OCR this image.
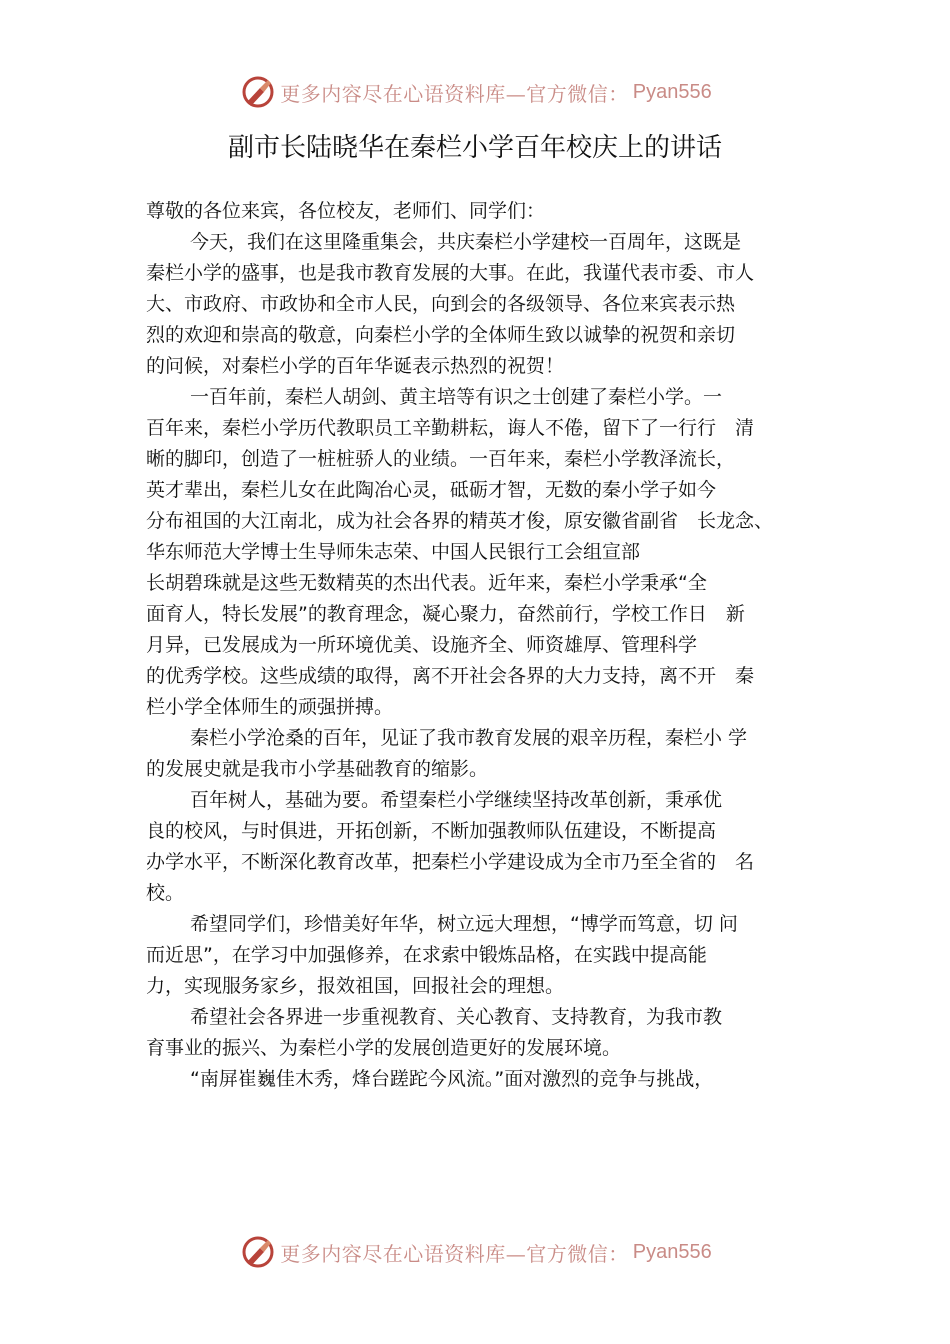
更多内容尽在心语资料库—官方微信： Pyan556
副市长陆晓华在秦栏小学百年校庆上的讲话
尊敬的各位来宾，各位校友，老师们、同学们：
今天，我们在这里隆重集会，共庆秦栏小学建校一百周年，这既是
秦栏小学的盛事，也是我市教育发展的大事。在此，我谨代表市委、市人
大、市政府、市政协和全市人民，向到会的各级领导、各位来宾表示热
烈的欢迎和崇高的敬意，向秦栏小学的全体师生致以诚挚的祝贺和亲切
的问候，对秦栏小学的百年华诞表示热烈的祝贺！
一百年前，秦栏人胡剑、黄主培等有识之士创建了秦栏小学。一
百年来，秦栏小学历代教职员工辛勤耕耘，诲人不倦，留下了一行行　清
晰的脚印，创造了一桩桩骄人的业绩。一百年来，秦栏小学教泽流长，
英才辈出，秦栏儿女在此陶冶心灵，砥砺才智，无数的秦小学子如今
分布祖国的大江南北，成为社会各界的精英才俊，原安徽省副省　长龙念、
华东师范大学博士生导师朱志荣、中国人民银行工会组宣部
长胡碧珠就是这些无数精英的杰出代表。近年来，秦栏小学秉承“全
面育人，特长发展”的教育理念，凝心聚力，奋然前行，学校工作日　新
月异，已发展成为一所环境优美、设施齐全、师资雄厚、管理科学
的优秀学校。这些成绩的取得，离不开社会各界的大力支持，离不开　秦
栏小学全体师生的顽强拼搏。
秦栏小学沧桑的百年，见证了我市教育发展的艰辛历程，秦栏小 学
的发展史就是我市小学基础教育的缩影。
百年树人，基础为要。希望秦栏小学继续坚持改革创新，秉承优
良的校风，与时俱进，开拓创新，不断加强教师队伍建设，不断提高
办学水平，不断深化教育改革，把秦栏小学建设成为全市乃至全省的　名
校。
希望同学们，珍惜美好年华，树立远大理想，“博学而笃意，切 问
而近思”，在学习中加强修养，在求索中锻炼品格，在实践中提高能
力，实现服务家乡，报效祖国，回报社会的理想。
希望社会各界进一步重视教育、关心教育、支持教育，为我市教
育事业的振兴、为秦栏小学的发展创造更好的发展环境。
“南屏崔巍佳木秀，烽台蹉跎今风流。”面对激烈的竞争与挑战，
更多内容尽在心语资料库—官方微信： Pyan556
